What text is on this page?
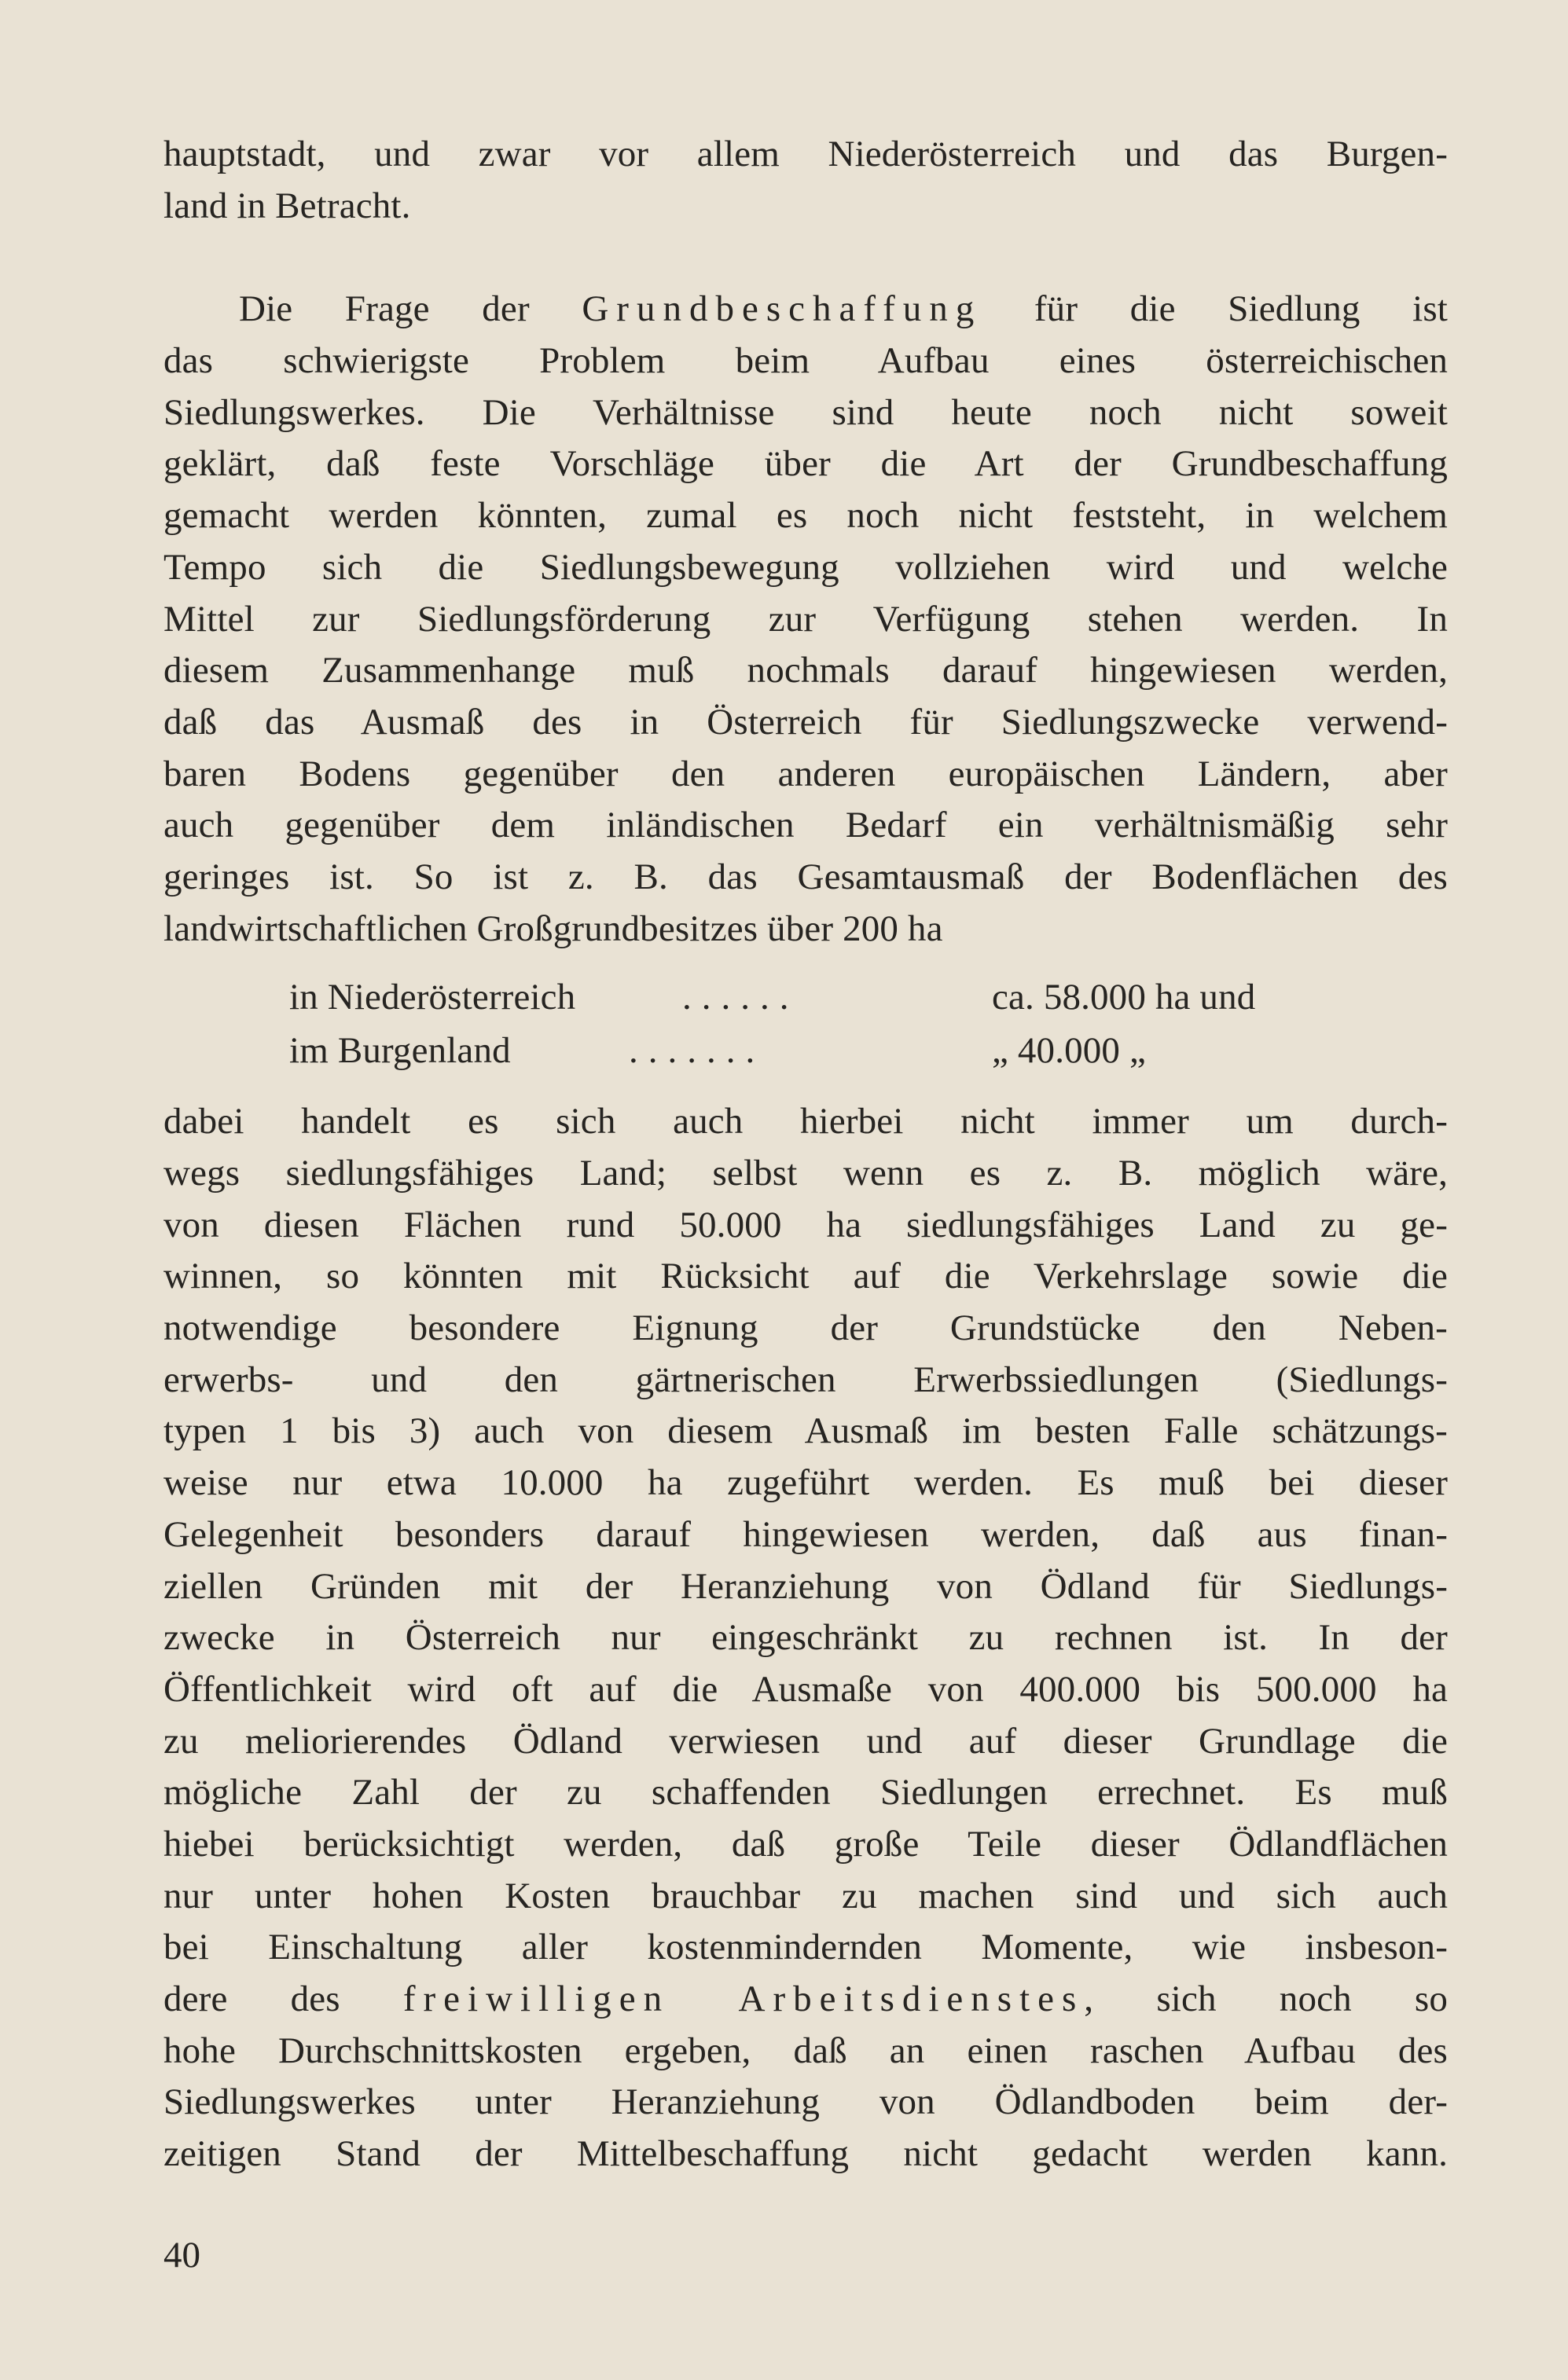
hauptstadt, und zwar vor allem Niederösterreich und das Burgen-
land in Betracht.
Die Frage der Grundbeschaffung für die Siedlung ist
das schwierigste Problem beim Aufbau eines österreichischen
Siedlungswerkes. Die Verhältnisse sind heute noch nicht soweit
geklärt, daß feste Vorschläge über die Art der Grundbeschaffung
gemacht werden könnten, zumal es noch nicht feststeht, in welchem
Tempo sich die Siedlungsbewegung vollziehen wird und welche
Mittel zur Siedlungsförderung zur Verfügung stehen werden. In
diesem Zusammenhange muß nochmals darauf hingewiesen werden,
daß das Ausmaß des in Österreich für Siedlungszwecke verwend-
baren Bodens gegenüber den anderen europäischen Ländern, aber
auch gegenüber dem inländischen Bedarf ein verhältnismäßig sehr
geringes ist. So ist z. B. das Gesamtausmaß der Bodenflächen des
landwirtschaftlichen Großgrundbesitzes über 200 ha
in Niederösterreich	......	ca. 58.000 ha und
im Burgenland	.......	„ 40.000 „
dabei handelt es sich auch hierbei nicht immer um durch-
wegs siedlungsfähiges Land; selbst wenn es z. B. möglich wäre,
von diesen Flächen rund 50.000 ha siedlungsfähiges Land zu ge-
winnen, so könnten mit Rücksicht auf die Verkehrslage sowie die
notwendige besondere Eignung der Grundstücke den Neben-
erwerbs- und den gärtnerischen Erwerbssiedlungen (Siedlungs-
typen 1 bis 3) auch von diesem Ausmaß im besten Falle schätzungs-
weise nur etwa 10.000 ha zugeführt werden. Es muß bei dieser
Gelegenheit besonders darauf hingewiesen werden, daß aus finan-
ziellen Gründen mit der Heranziehung von Ödland für Siedlungs-
zwecke in Österreich nur eingeschränkt zu rechnen ist. In der
Öffentlichkeit wird oft auf die Ausmaße von 400.000 bis 500.000 ha
zu meliorierendes Ödland verwiesen und auf dieser Grundlage die
mögliche Zahl der zu schaffenden Siedlungen errechnet. Es muß
hiebei berücksichtigt werden, daß große Teile dieser Ödlandflächen
nur unter hohen Kosten brauchbar zu machen sind und sich auch
bei Einschaltung aller kostenmindernden Momente, wie insbeson-
dere des freiwilligen Arbeitsdienstes, sich noch so
hohe Durchschnittskosten ergeben, daß an einen raschen Aufbau des
Siedlungswerkes unter Heranziehung von Ödlandboden beim der-
zeitigen Stand der Mittelbeschaffung nicht gedacht werden kann.
40
